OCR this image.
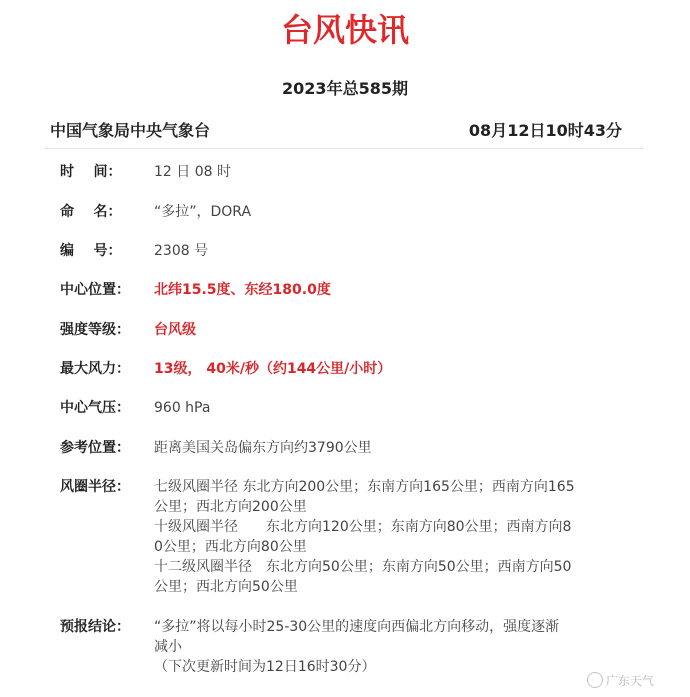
台风快讯
2023年总585期
中国气象局中央气象台	08月12日10时43分
时    间： 12 日 08 时
命    名： “多拉”，DORA
编    号： 2308 号
中心位置： 北纬15.5度、东经180.0度
强度等级： 台风级
最大风力： 13级， 40米/秒（约144公里/小时）
中心气压： 960 hPa
参考位置： 距离美国关岛偏东方向约3790公里
风圈半径： 七级风圈半径 东北方向200公里；东南方向165公里；西南方向165
公里；西北方向200公里
十级风圈半径　　东北方向120公里；东南方向80公里；西南方向8
0公里；西北方向80公里
十二级风圈半径　东北方向50公里；东南方向50公里；西南方向50
公里；西北方向50公里
预报结论： “多拉”将以每小时25-30公里的速度向西偏北方向移动，强度逐渐
减小
（下次更新时间为12日16时30分）
广东天气
